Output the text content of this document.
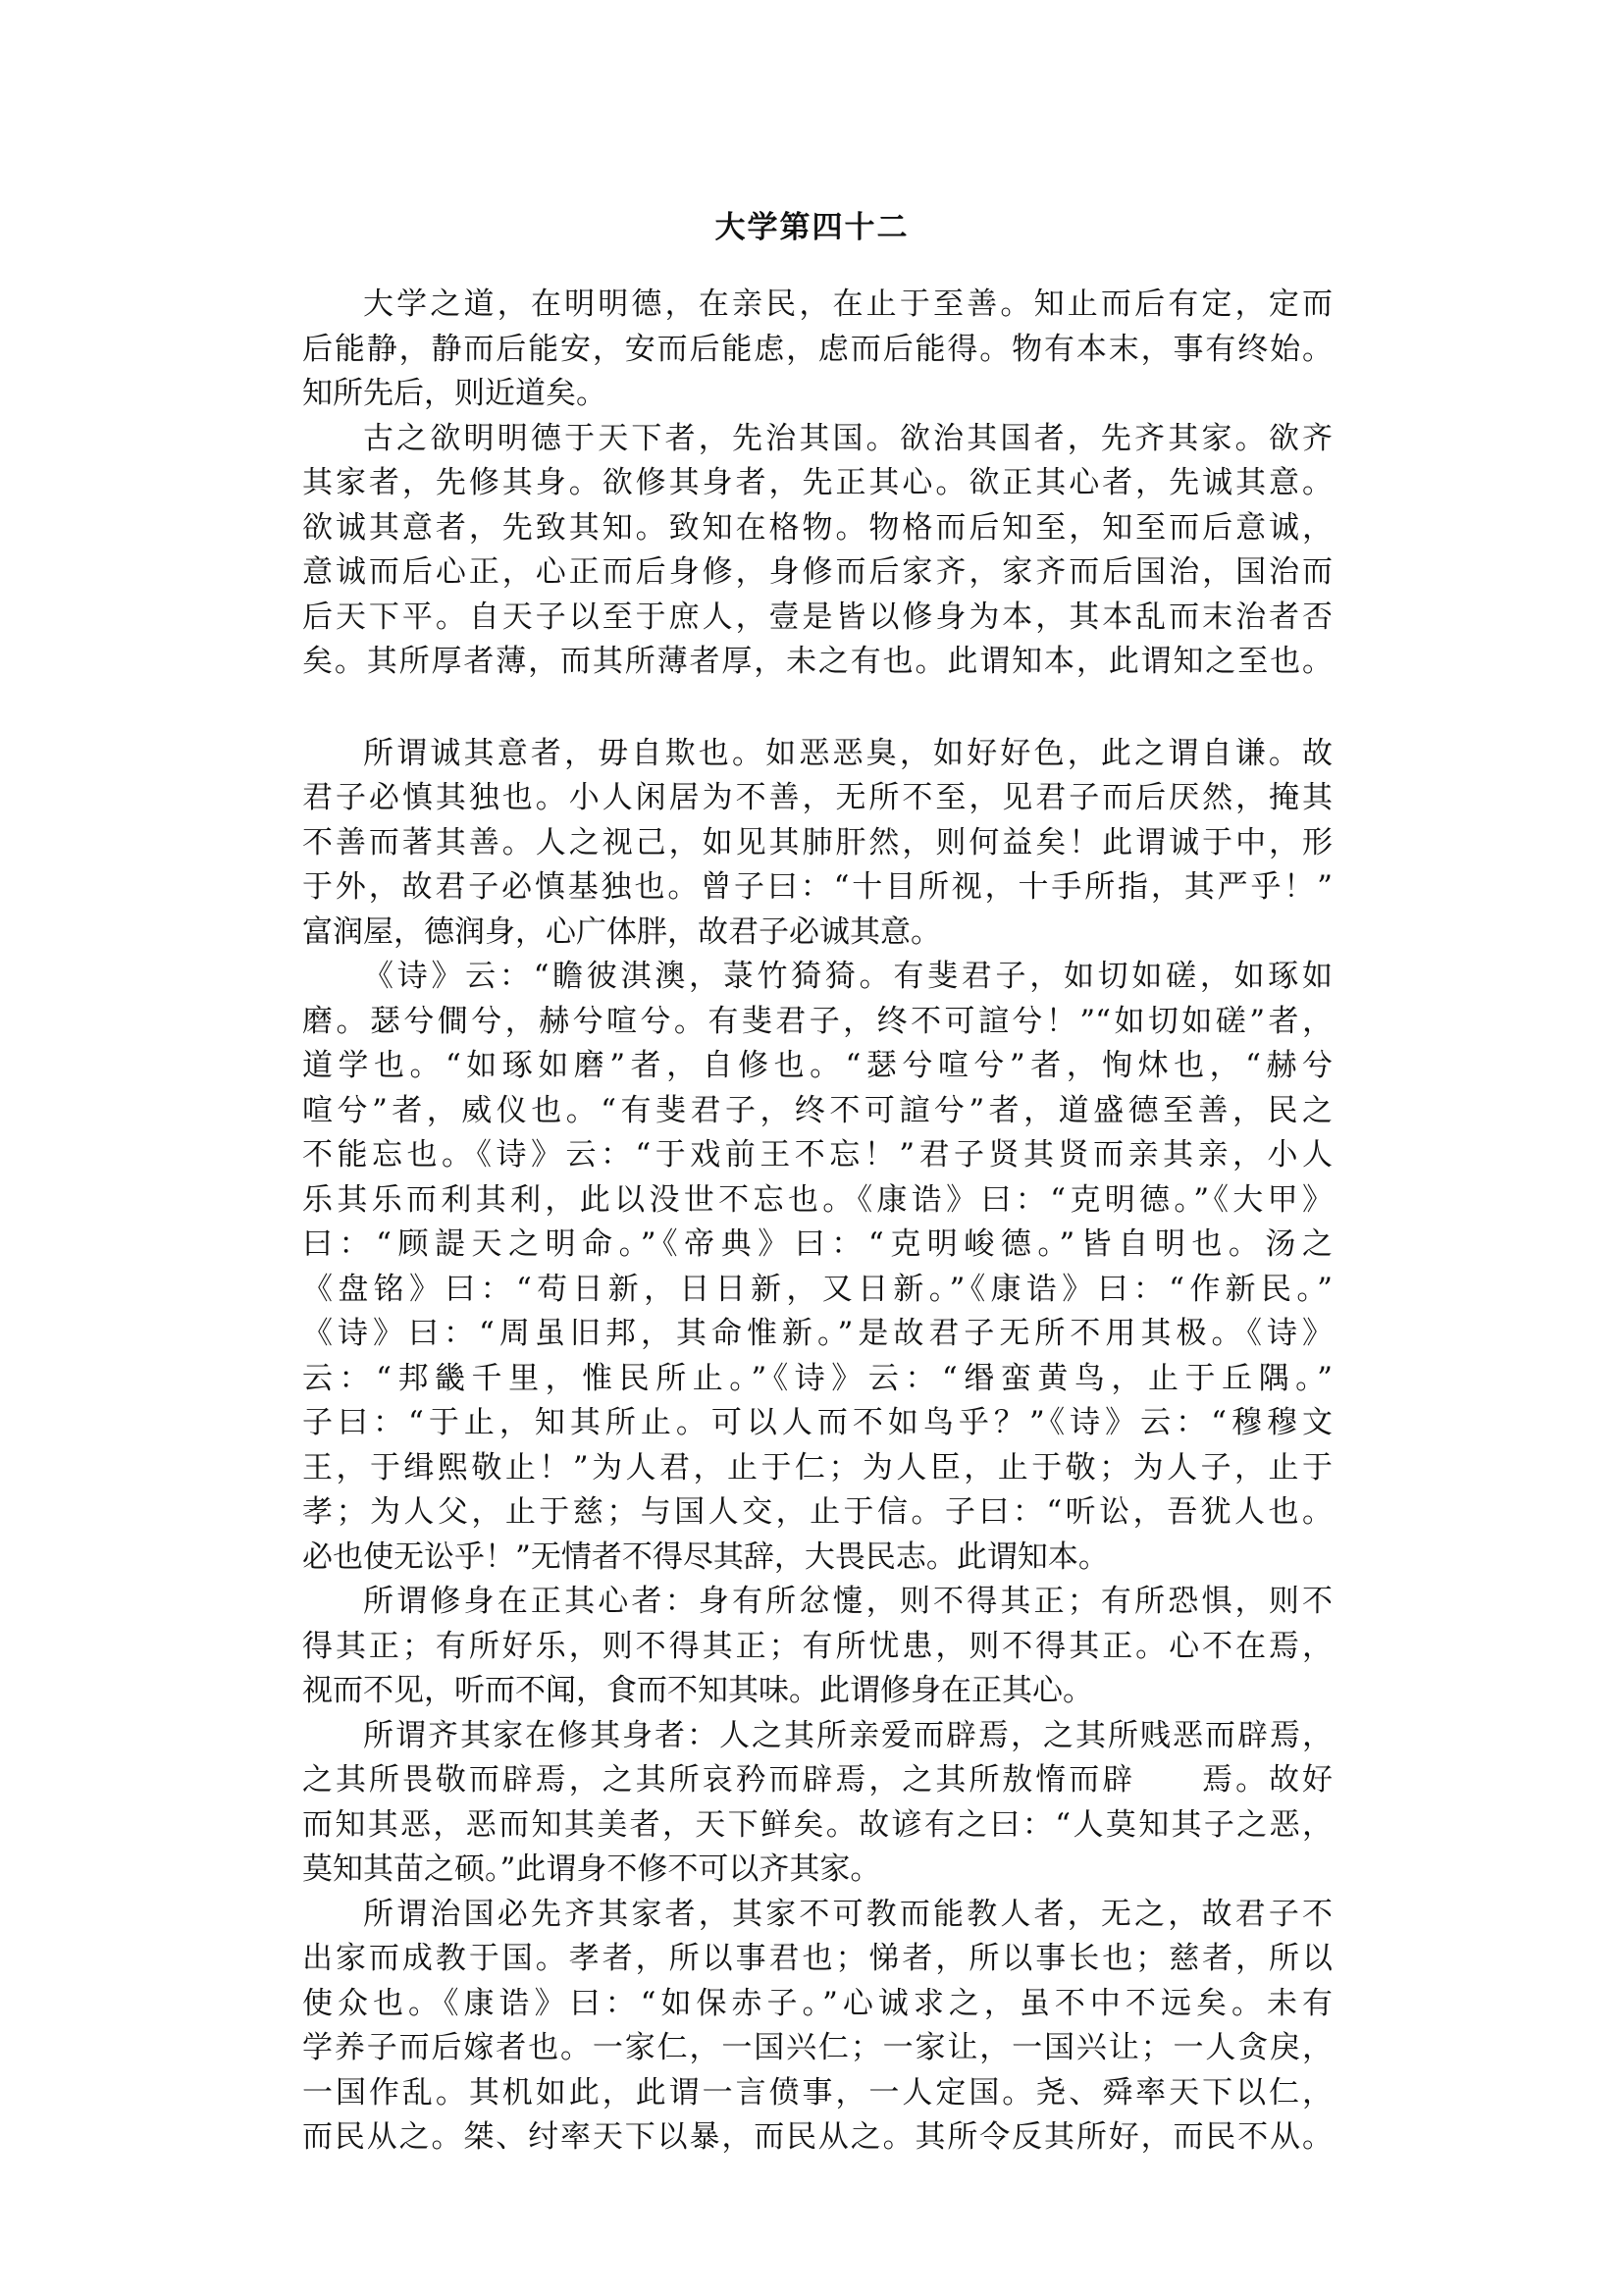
大学第四十二
大学之道，在明明德，在亲民，在止于至善。知止而后有定，定而
后能静，静而后能安，安而后能虑，虑而后能得。物有本末，事有终始。
知所先后，则近道矣。
古之欲明明德于天下者，先治其国。欲治其国者，先齐其家。欲齐
其家者，先修其身。欲修其身者，先正其心。欲正其心者，先诚其意。
欲诚其意者，先致其知。致知在格物。物格而后知至，知至而后意诚，
意诚而后心正，心正而后身修，身修而后家齐，家齐而后国治，国治而
后天下平。自天子以至于庶人，壹是皆以修身为本，其本乱而末治者否
矣。其所厚者薄，而其所薄者厚，未之有也。此谓知本，此谓知之至也。
所谓诚其意者，毋自欺也。如恶恶臭，如好好色，此之谓自谦。故
君子必慎其独也。小人闲居为不善，无所不至，见君子而后厌然，掩其
不善而著其善。人之视己，如见其肺肝然，则何益矣！此谓诚于中，形
于外，故君子必慎基独也。曾子曰：“十目所视，十手所指，其严乎！”
富润屋，德润身，心广体胖，故君子必诚其意。
《诗》云：“瞻彼淇澳，菉竹猗猗。有斐君子，如切如磋，如琢如
磨。瑟兮僴兮，赫兮喧兮。有斐君子，终不可諠兮！”“如切如磋”者，
道学也。“如琢如磨”者，自修也。“瑟兮喧兮”者，恂炑也，“赫兮
喧兮”者，威仪也。“有斐君子，终不可諠兮”者，道盛德至善，民之
不能忘也。《诗》云：“于戏前王不忘！”君子贤其贤而亲其亲，小人
乐其乐而利其利，此以没世不忘也。《康诰》曰：“克明德。”《大甲》
曰：“顾諟天之明命。”《帝典》曰：“克明峻德。”皆自明也。汤之
《盘铭》曰：“苟日新，日日新，又日新。”《康诰》曰：“作新民。”
《诗》曰：“周虽旧邦，其命惟新。”是故君子无所不用其极。《诗》
云：“邦畿千里，惟民所止。”《诗》云：“缗蛮黄鸟，止于丘隅。”
子曰：“于止，知其所止。可以人而不如鸟乎？”《诗》云：“穆穆文
王，于缉熙敬止！”为人君，止于仁；为人臣，止于敬；为人子，止于
孝；为人父，止于慈；与国人交，止于信。子曰：“听讼，吾犹人也。
必也使无讼乎！”无情者不得尽其辞，大畏民志。此谓知本。
所谓修身在正其心者：身有所忿懥，则不得其正；有所恐惧，则不
得其正；有所好乐，则不得其正；有所忧患，则不得其正。心不在焉，
视而不见，听而不闻，食而不知其味。此谓修身在正其心。
所谓齐其家在修其身者：人之其所亲爱而辟焉，之其所贱恶而辟焉，
之其所畏敬而辟焉，之其所哀矜而辟焉，之其所敖惰而辟　　焉。故好
而知其恶，恶而知其美者，天下鲜矣。故谚有之曰：“人莫知其子之恶，
莫知其苗之硕。”此谓身不修不可以齐其家。
所谓治国必先齐其家者，其家不可教而能教人者，无之，故君子不
出家而成教于国。孝者，所以事君也；悌者，所以事长也；慈者，所以
使众也。《康诰》曰：“如保赤子。”心诚求之，虽不中不远矣。未有
学养子而后嫁者也。一家仁，一国兴仁；一家让，一国兴让；一人贪戾，
一国作乱。其机如此，此谓一言偾事，一人定国。尧、舜率天下以仁，
而民从之。桀、纣率天下以暴，而民从之。其所令反其所好，而民不从。
